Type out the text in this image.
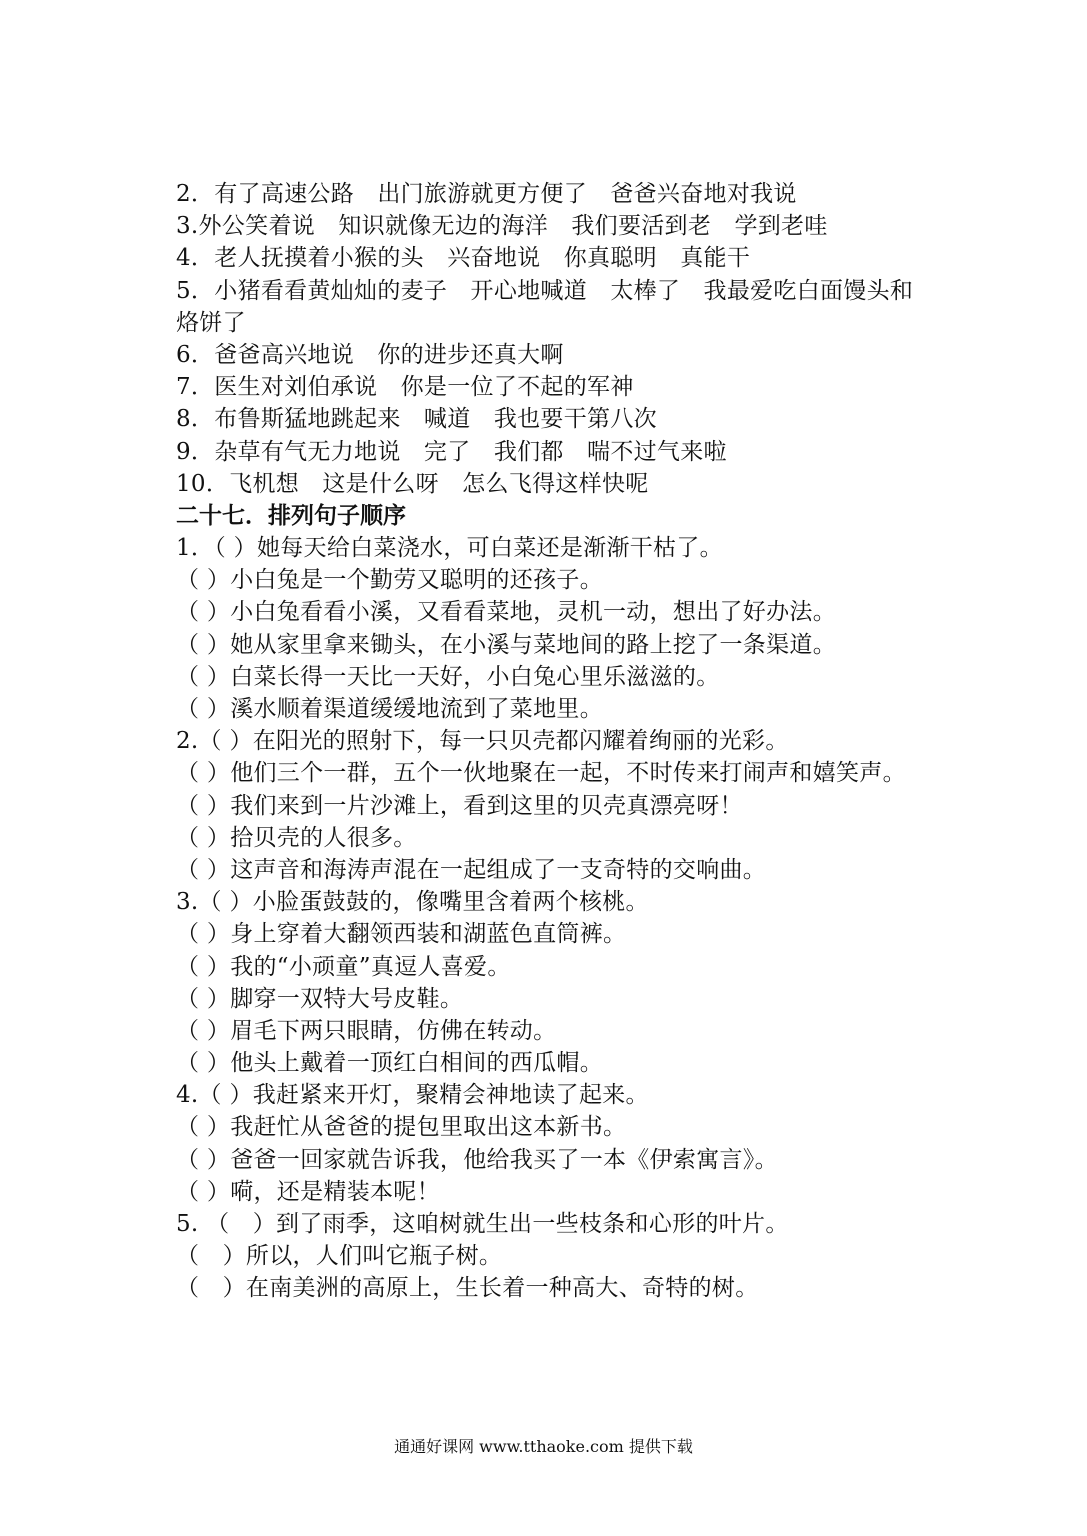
2．有了高速公路　出门旅游就更方便了　爸爸兴奋地对我说
3.外公笑着说　知识就像无边的海洋　我们要活到老　学到老哇
4．老人抚摸着小猴的头　兴奋地说　你真聪明　真能干
5．小猪看看黄灿灿的麦子　开心地喊道　太棒了　我最爱吃白面馒头和烙饼了
6．爸爸高兴地说　你的进步还真大啊
7．医生对刘伯承说　你是一位了不起的军神
8．布鲁斯猛地跳起来　喊道　我也要干第八次
9．杂草有气无力地说　完了　我们都　喘不过气来啦
10．飞机想　这是什么呀　怎么飞得这样快呢
二十七．排列句子顺序
1．（ ）她每天给白菜浇水，可白菜还是渐渐干枯了。
（ ）小白兔是一个勤劳又聪明的还孩子。
（ ）小白兔看看小溪，又看看菜地，灵机一动，想出了好办法。
（ ）她从家里拿来锄头，在小溪与菜地间的路上挖了一条渠道。
（ ）白菜长得一天比一天好，小白兔心里乐滋滋的。
（ ）溪水顺着渠道缓缓地流到了菜地里。
2.（ ）在阳光的照射下，每一只贝壳都闪耀着绚丽的光彩。
（ ）他们三个一群，五个一伙地聚在一起，不时传来打闹声和嬉笑声。
（ ）我们来到一片沙滩上，看到这里的贝壳真漂亮呀！
（ ）拾贝壳的人很多。
（ ）这声音和海涛声混在一起组成了一支奇特的交响曲。
3.（ ）小脸蛋鼓鼓的，像嘴里含着两个核桃。
（ ）身上穿着大翻领西装和湖蓝色直筒裤。
（ ）我的“小顽童”真逗人喜爱。
（ ）脚穿一双特大号皮鞋。
（ ）眉毛下两只眼睛，仿佛在转动。
（ ）他头上戴着一顶红白相间的西瓜帽。
4.（ ）我赶紧来开灯，聚精会神地读了起来。
（ ）我赶忙从爸爸的提包里取出这本新书。
（ ）爸爸一回家就告诉我，他给我买了一本《伊索寓言》。
（ ）嗬，还是精装本呢！
5. （　）到了雨季，这咱树就生出一些枝条和心形的叶片。
（　）所以，人们叫它瓶子树。
（　）在南美洲的高原上，生长着一种高大、奇特的树。
通通好课网 www.tthaoke.com 提供下载
